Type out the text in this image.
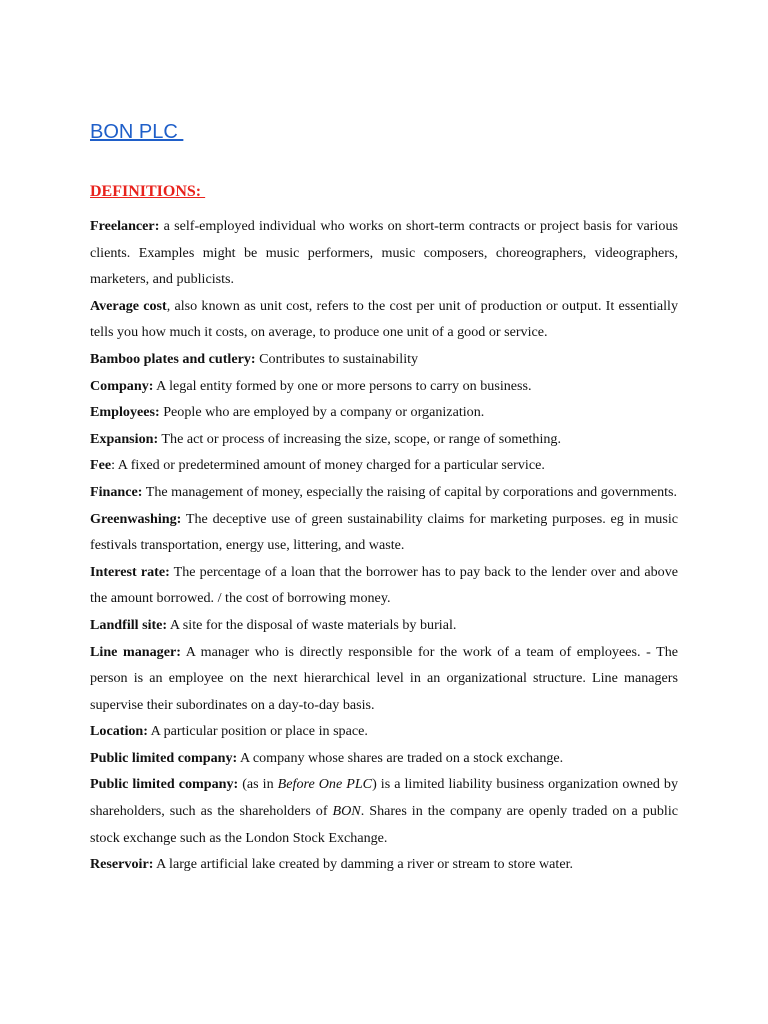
BON PLC
DEFINITIONS:

Freelancer: a self-employed individual who works on short-term contracts or project basis for various clients. Examples might be music performers, music composers, choreographers, videographers, marketers, and publicists.

Average cost, also known as unit cost, refers to the cost per unit of production or output. It essentially tells you how much it costs, on average, to produce one unit of a good or service.

Bamboo plates and cutlery: Contributes to sustainability

Company: A legal entity formed by one or more persons to carry on business.

Employees: People who are employed by a company or organization.

Expansion: The act or process of increasing the size, scope, or range of something.

Fee: A fixed or predetermined amount of money charged for a particular service.

Finance: The management of money, especially the raising of capital by corporations and governments.

Greenwashing: The deceptive use of green sustainability claims for marketing purposes. eg in music festivals transportation, energy use, littering, and waste.

Interest rate: The percentage of a loan that the borrower has to pay back to the lender over and above the amount borrowed. / the cost of borrowing money.

Landfill site: A site for the disposal of waste materials by burial.

Line manager: A manager who is directly responsible for the work of a team of employees. - The person is an employee on the next hierarchical level in an organizational structure. Line managers supervise their subordinates on a day-to-day basis.

Location: A particular position or place in space.

Public limited company: A company whose shares are traded on a stock exchange.

Public limited company: (as in Before One PLC) is a limited liability business organization owned by shareholders, such as the shareholders of BON. Shares in the company are openly traded on a public stock exchange such as the London Stock Exchange.

Reservoir: A large artificial lake created by damming a river or stream to store water.
